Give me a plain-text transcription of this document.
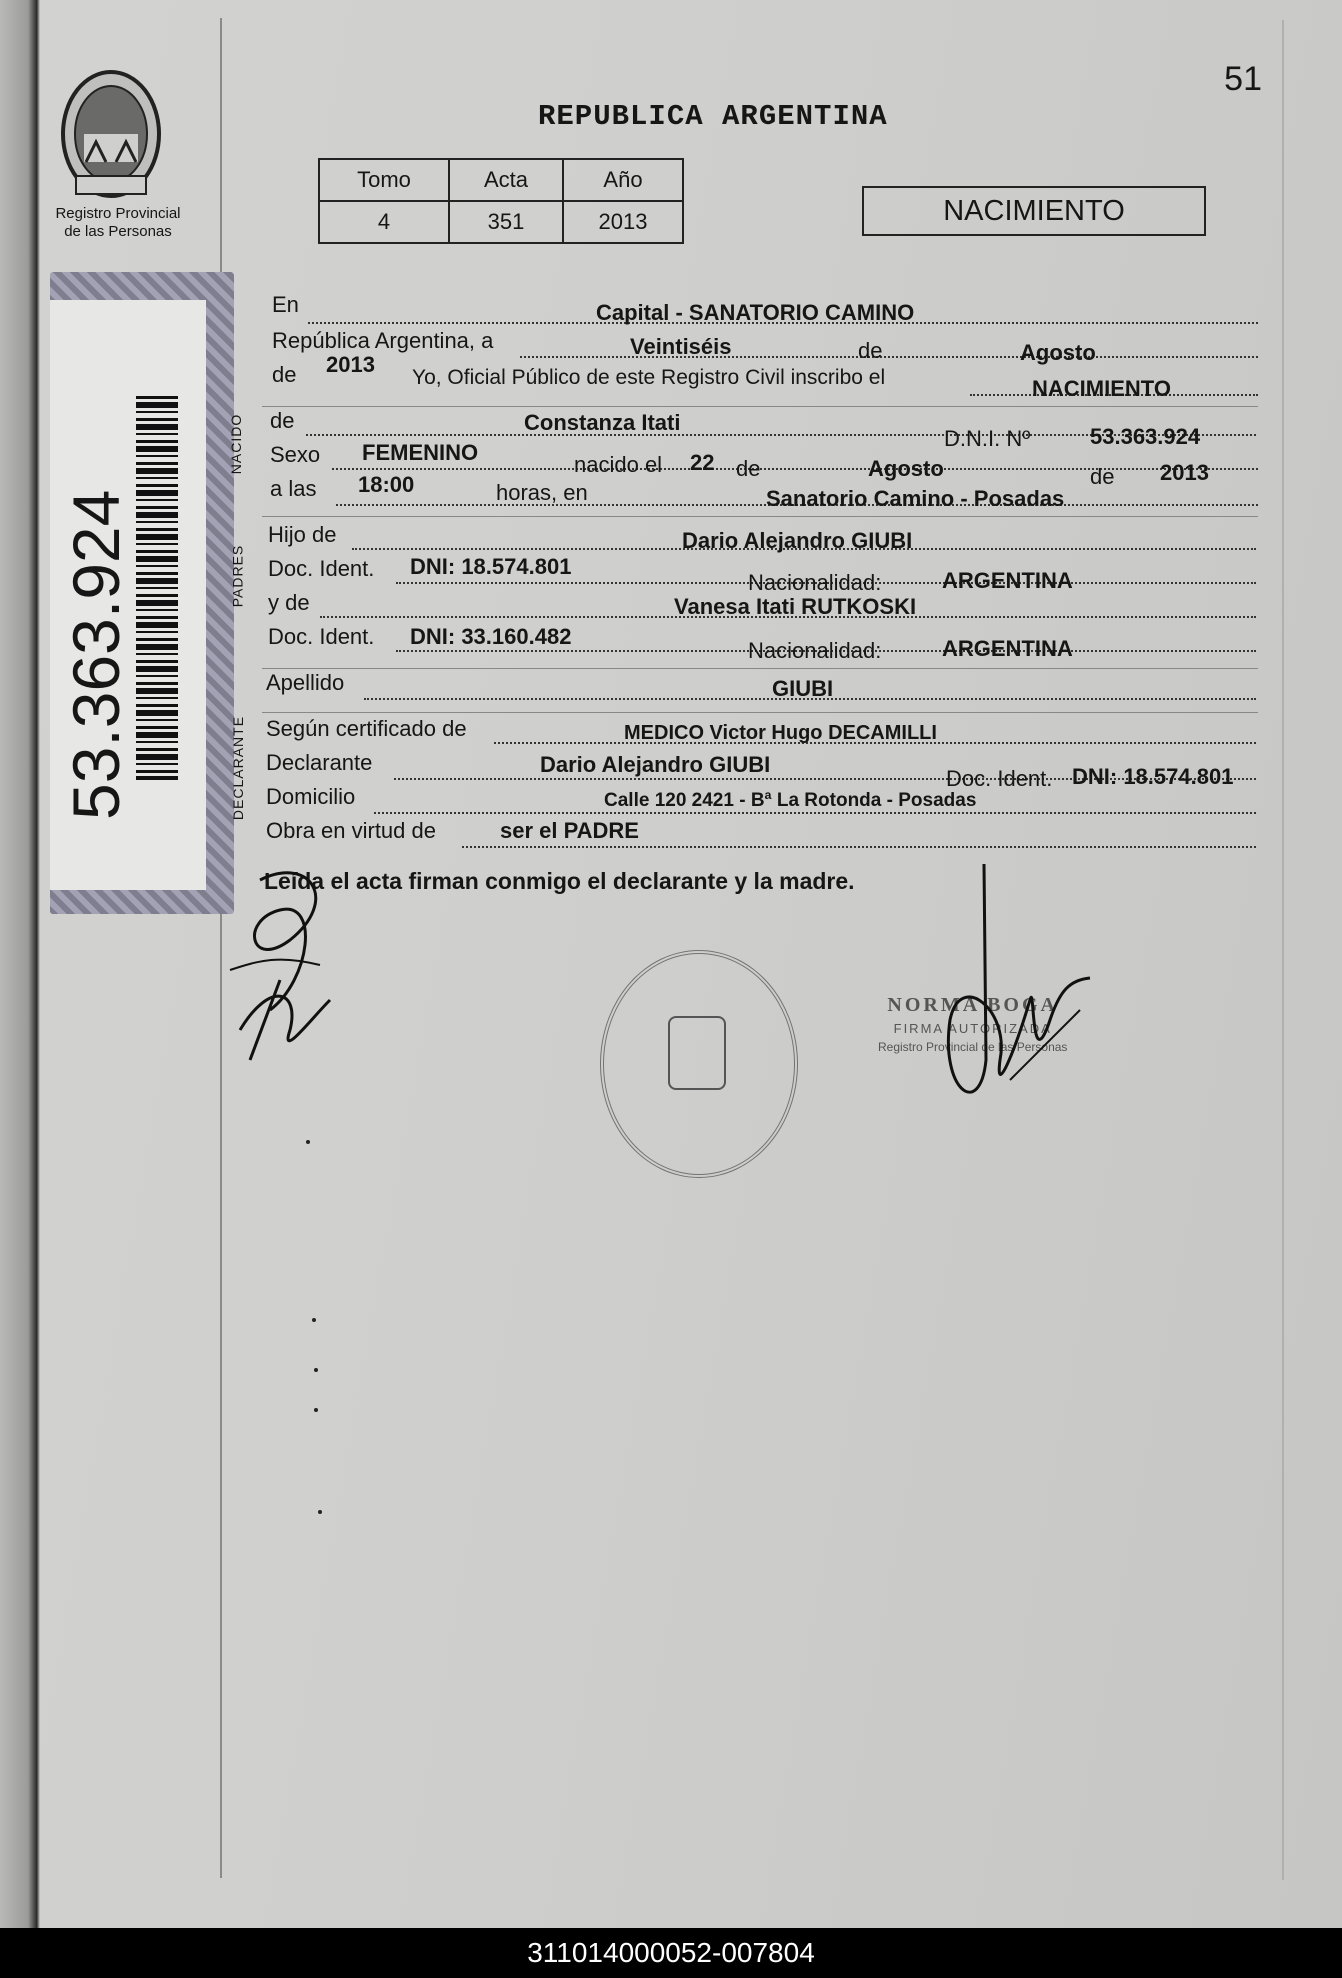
Registro Provincial
de las Personas
53.363.924
51
REPUBLICA ARGENTINA
Tomo	Acta	Año
4	351	2013	NACIMIENTO
NACIDO
PADRES
DECLARANTE
En	Capital - SANATORIO CAMINO
República Argentina, a	Veintiséis	de	Agosto
de 2013
Yo, Oficial Público de este Registro Civil inscribo el	NACIMIENTO
de	Constanza Itati
D.N.I. Nº	53.363.924
Sexo FEMENINO	nacido el 22 de	Agosto	de 2013
a las 18:00	horas, en	Sanatorio Camino - Posadas
Hijo de	Dario Alejandro GIUBI
Doc. Ident. DNI: 18.574.801
Nacionalidad:	ARGENTINA
y de	Vanesa Itati RUTKOSKI
Doc. Ident. DNI: 33.160.482
Nacionalidad:	ARGENTINA
Apellido	GIUBI
Según certificado de	MEDICO Victor Hugo DECAMILLI
Declarante	Dario Alejandro GIUBI
Doc. Ident. DNI: 18.574.801
Domicilio	Calle 120 2421 - Bª La Rotonda - Posadas
Obra en virtud de	ser el PADRE
Leída el acta firman conmigo el declarante y la madre.
NORMA BOGA
FIRMA AUTORIZADA
Registro Provincial de las Personas
311014000052-007804
